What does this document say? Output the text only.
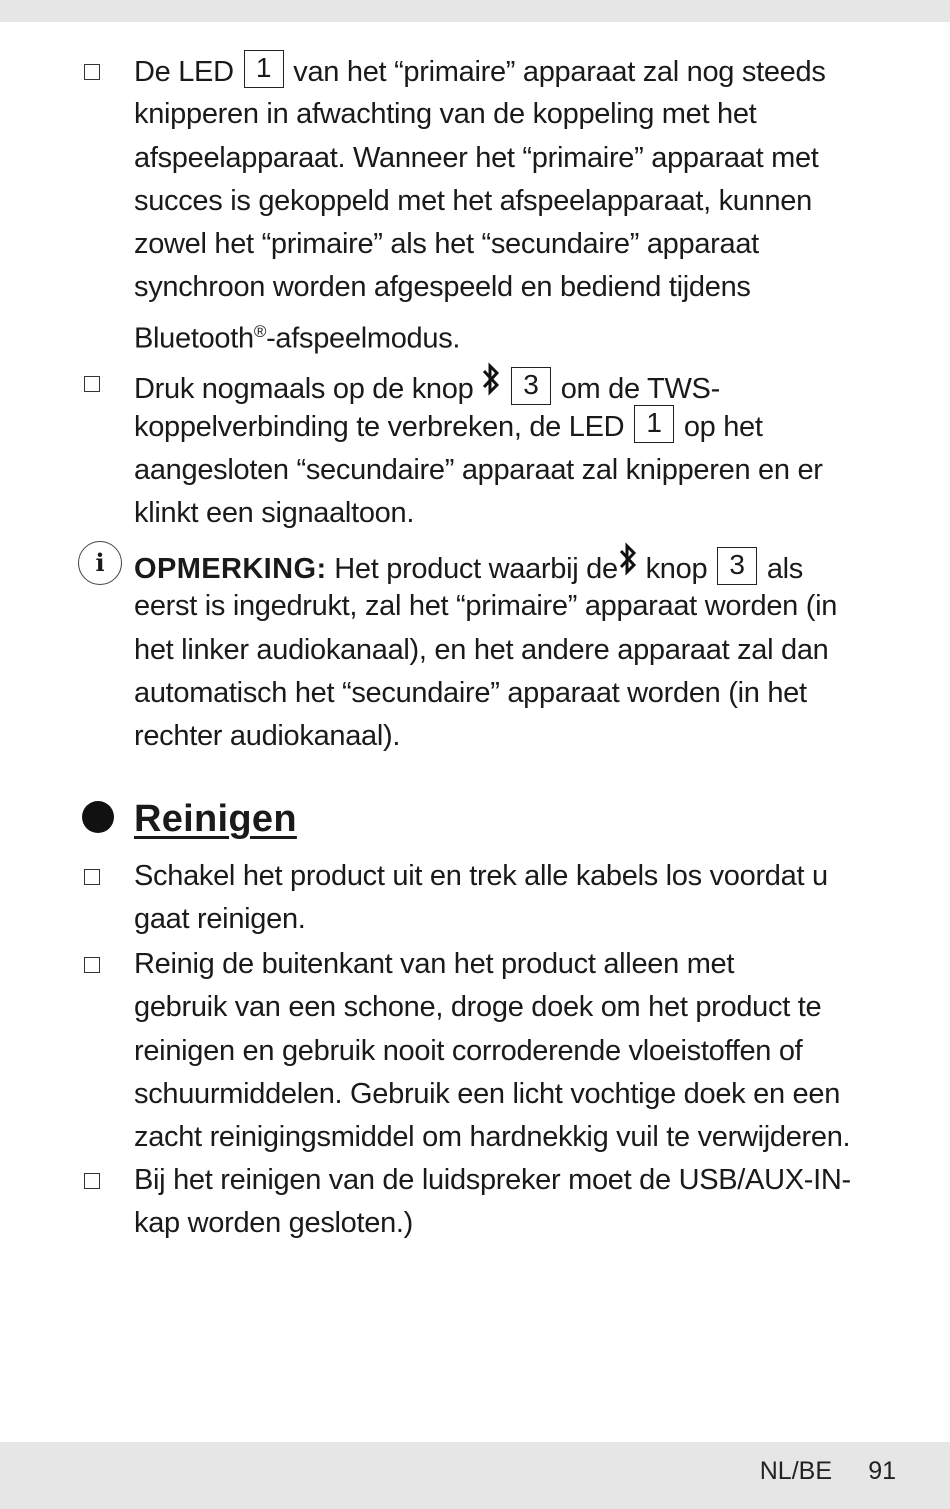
De LED 1 van het “primaire” apparaat zal nog steeds
knipperen in afwachting van de koppeling met het
afspeelapparaat. Wanneer het “primaire” apparaat met
succes is gekoppeld met het afspeelapparaat, kunnen
zowel het “primaire” als het “secundaire” apparaat
synchroon worden afgespeeld en bediend tijdens
Bluetooth®-afspeelmodus.
Druk nogmaals op de knop 3 om de TWS-
koppelverbinding te verbreken, de LED 1 op het
aangesloten “secundaire” apparaat zal knipperen en er
klinkt een signaaltoon.
i	OPMERKING: Het product waarbij de knop 3 als
eerst is ingedrukt, zal het “primaire” apparaat worden (in
het linker audiokanaal), en het andere apparaat zal dan
automatisch het “secundaire” apparaat worden (in het
rechter audiokanaal).
Reinigen
Schakel het product uit en trek alle kabels los voordat u
gaat reinigen.
Reinig de buitenkant van het product alleen met
gebruik van een schone, droge doek om het product te
reinigen en gebruik nooit corroderende vloeistoffen of
schuurmiddelen. Gebruik een licht vochtige doek en een
zacht reinigingsmiddel om hardnekkig vuil te verwijderen.
Bij het reinigen van de luidspreker moet de USB/AUX-IN-
kap worden gesloten.)
NL/BE 91
